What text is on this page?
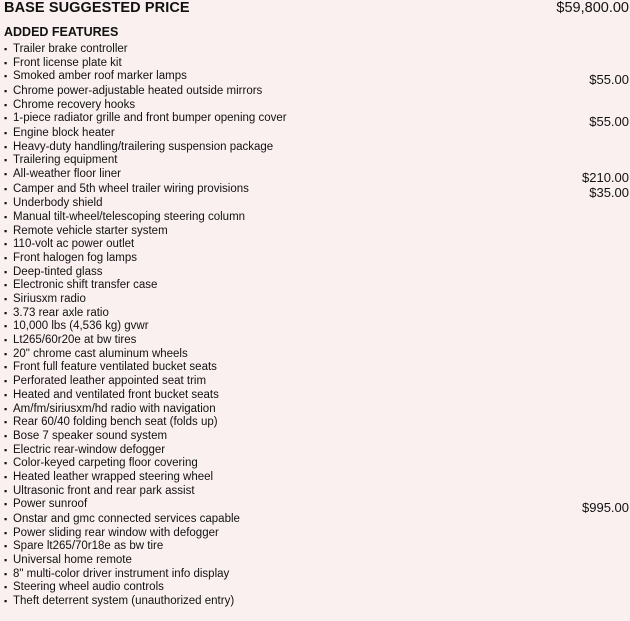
BASE SUGGESTED PRICE	$59,800.00
ADDED FEATURES
▪ Trailer brake controller
▪ Front license plate kit
▪ Smoked amber roof marker lamps	$55.00
▪ Chrome power-adjustable heated outside mirrors
▪ Chrome recovery hooks
▪ 1-piece radiator grille and front bumper opening cover	$55.00
▪ Engine block heater
▪ Heavy-duty handling/trailering suspension package
▪ Trailering equipment
▪ All-weather floor liner	$210.00
▪ Camper and 5th wheel trailer wiring provisions	$35.00
▪ Underbody shield
▪ Manual tilt-wheel/telescoping steering column
▪ Remote vehicle starter system
▪ 110-volt ac power outlet
▪ Front halogen fog lamps
▪ Deep-tinted glass
▪ Electronic shift transfer case
▪ Siriusxm radio
▪ 3.73 rear axle ratio
▪ 10,000 lbs (4,536 kg) gvwr
▪ Lt265/60r20e at bw tires
▪ 20" chrome cast aluminum wheels
▪ Front full feature ventilated bucket seats
▪ Perforated leather appointed seat trim
▪ Heated and ventilated front bucket seats
▪ Am/fm/siriusxm/hd radio with navigation
▪ Rear 60/40 folding bench seat (folds up)
▪ Bose 7 speaker sound system
▪ Electric rear-window defogger
▪ Color-keyed carpeting floor covering
▪ Heated leather wrapped steering wheel
▪ Ultrasonic front and rear park assist
▪ Power sunroof	$995.00
▪ Onstar and gmc connected services capable
▪ Power sliding rear window with defogger
▪ Spare lt265/70r18e as bw tire
▪ Universal home remote
▪ 8" multi-color driver instrument info display
▪ Steering wheel audio controls
▪ Theft deterrent system (unauthorized entry)
